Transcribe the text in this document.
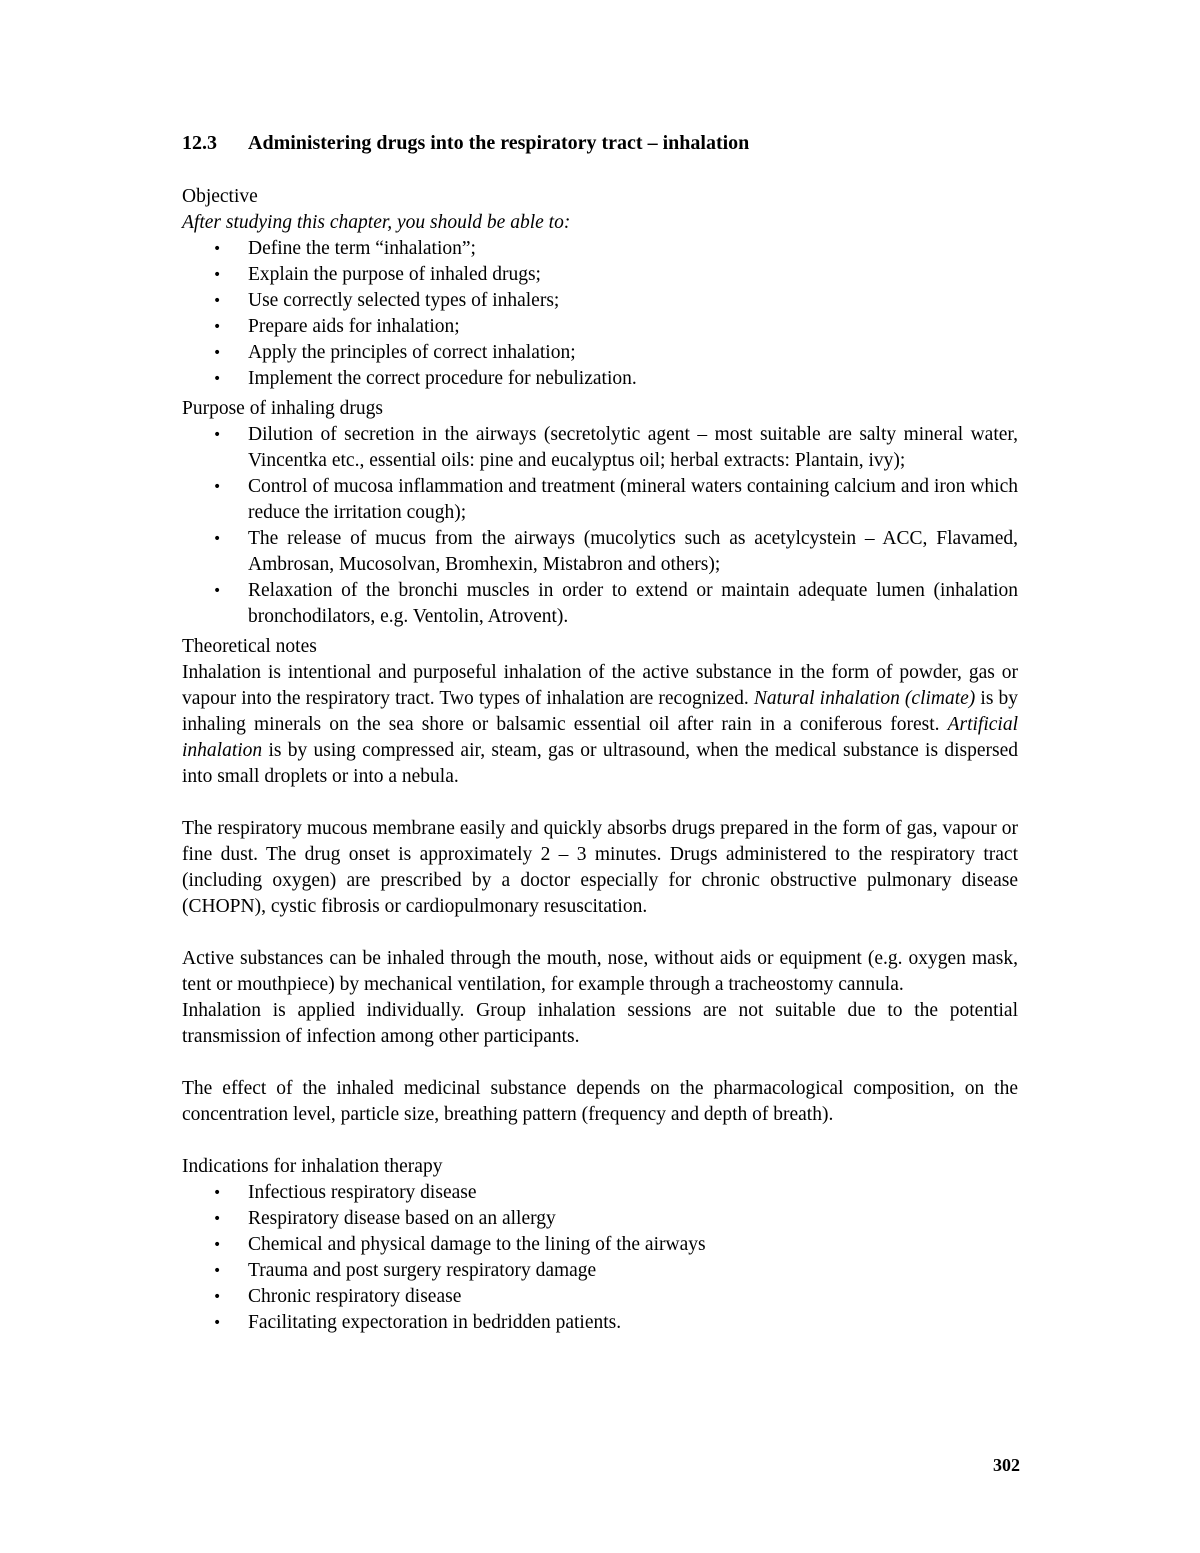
12.3	Administering drugs into the respiratory tract – inhalation
Objective
After studying this chapter, you should be able to:
• Define the term “inhalation”;
• Explain the purpose of inhaled drugs;
• Use correctly selected types of inhalers;
• Prepare aids for inhalation;
• Apply the principles of correct inhalation;
• Implement the correct procedure for nebulization.
Purpose of inhaling drugs
• Dilution of secretion in the airways (secretolytic agent – most suitable are salty mineral water, Vincentka etc., essential oils: pine and eucalyptus oil; herbal extracts: Plantain, ivy);
• Control of mucosa inflammation and treatment (mineral waters containing calcium and iron which reduce the irritation cough);
• The release of mucus from the airways (mucolytics such as acetylcystein – ACC, Flavamed, Ambrosan, Mucosolvan, Bromhexin, Mistabron and others);
• Relaxation of the bronchi muscles in order to extend or maintain adequate lumen (inhalation bronchodilators, e.g. Ventolin, Atrovent).
Theoretical notes

Inhalation is intentional and purposeful inhalation of the active substance in the form of powder, gas or vapour into the respiratory tract. Two types of inhalation are recognized. Natural inhalation (climate) is by inhaling minerals on the sea shore or balsamic essential oil after rain in a coniferous forest. Artificial inhalation is by using compressed air, steam, gas or ultrasound, when the medical substance is dispersed into small droplets or into a nebula.

The respiratory mucous membrane easily and quickly absorbs drugs prepared in the form of gas, vapour or fine dust. The drug onset is approximately 2 – 3 minutes. Drugs administered to the respiratory tract (including oxygen) are prescribed by a doctor especially for chronic obstructive pulmonary disease (CHOPN), cystic fibrosis or cardiopulmonary resuscitation.

Active substances can be inhaled through the mouth, nose, without aids or equipment (e.g. oxygen mask, tent or mouthpiece) by mechanical ventilation, for example through a tracheostomy cannula.

Inhalation is applied individually. Group inhalation sessions are not suitable due to the potential transmission of infection among other participants.

The effect of the inhaled medicinal substance depends on the pharmacological composition, on the concentration level, particle size, breathing pattern (frequency and depth of breath).

Indications for inhalation therapy
• Infectious respiratory disease
• Respiratory disease based on an allergy
• Chemical and physical damage to the lining of the airways
• Trauma and post surgery respiratory damage
• Chronic respiratory disease
• Facilitating expectoration in bedridden patients.
302
